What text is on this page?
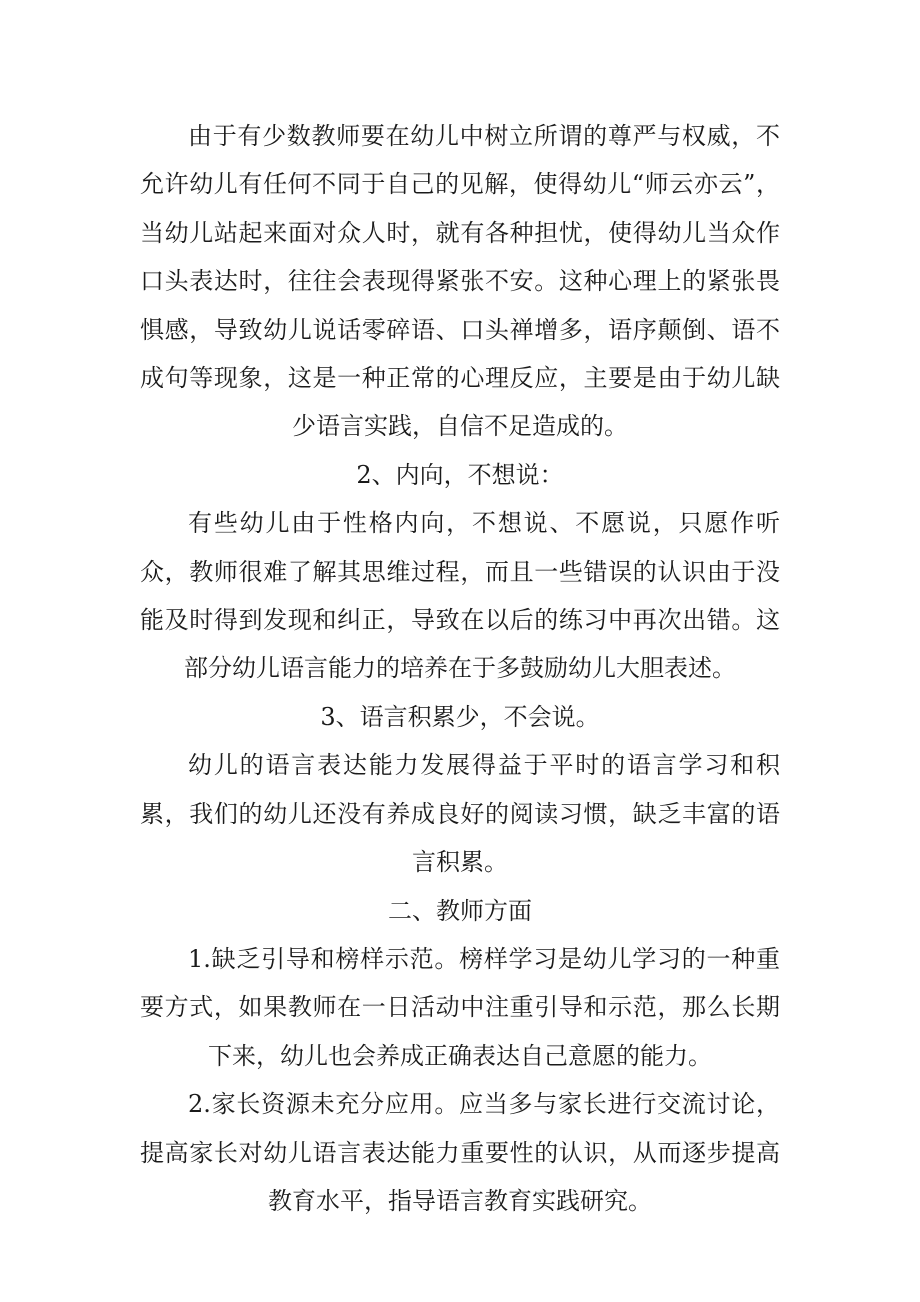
由于有少数教师要在幼儿中树立所谓的尊严与权威，不允许幼儿有任何不同于自己的见解，使得幼儿“师云亦云”，当幼儿站起来面对众人时，就有各种担忧，使得幼儿当众作口头表达时，往往会表现得紧张不安。这种心理上的紧张畏惧感，导致幼儿说话零碎语、口头禅增多，语序颠倒、语不成句等现象，这是一种正常的心理反应，主要是由于幼儿缺少语言实践，自信不足造成的。

2、内向，不想说：

有些幼儿由于性格内向，不想说、不愿说，只愿作听众，教师很难了解其思维过程，而且一些错误的认识由于没能及时得到发现和纠正，导致在以后的练习中再次出错。这部分幼儿语言能力的培养在于多鼓励幼儿大胆表述。

3、语言积累少，不会说。

幼儿的语言表达能力发展得益于平时的语言学习和积累，我们的幼儿还没有养成良好的阅读习惯，缺乏丰富的语言积累。

二、教师方面

1.缺乏引导和榜样示范。榜样学习是幼儿学习的一种重要方式，如果教师在一日活动中注重引导和示范，那么长期下来，幼儿也会养成正确表达自己意愿的能力。

2.家长资源未充分应用。应当多与家长进行交流讨论，提高家长对幼儿语言表达能力重要性的认识，从而逐步提高教育水平，指导语言教育实践研究。
